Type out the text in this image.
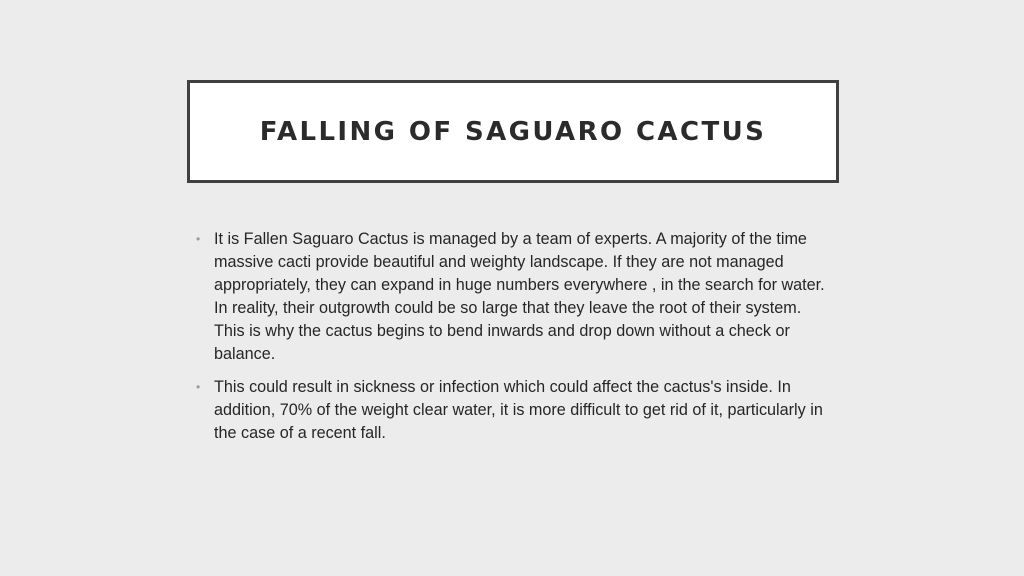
FALLING OF SAGUARO CACTUS
• It is Fallen Saguaro Cactus is managed by a team of experts. A majority of the time massive cacti provide beautiful and weighty landscape. If they are not managed appropriately, they can expand in huge numbers everywhere , in the search for water. In reality, their outgrowth could be so large that they leave the root of their system. This is why the cactus begins to bend inwards and drop down without a check or balance.
• This could result in sickness or infection which could affect the cactus's inside. In addition, 70% of the weight clear water, it is more difficult to get rid of it, particularly in the case of a recent fall.
